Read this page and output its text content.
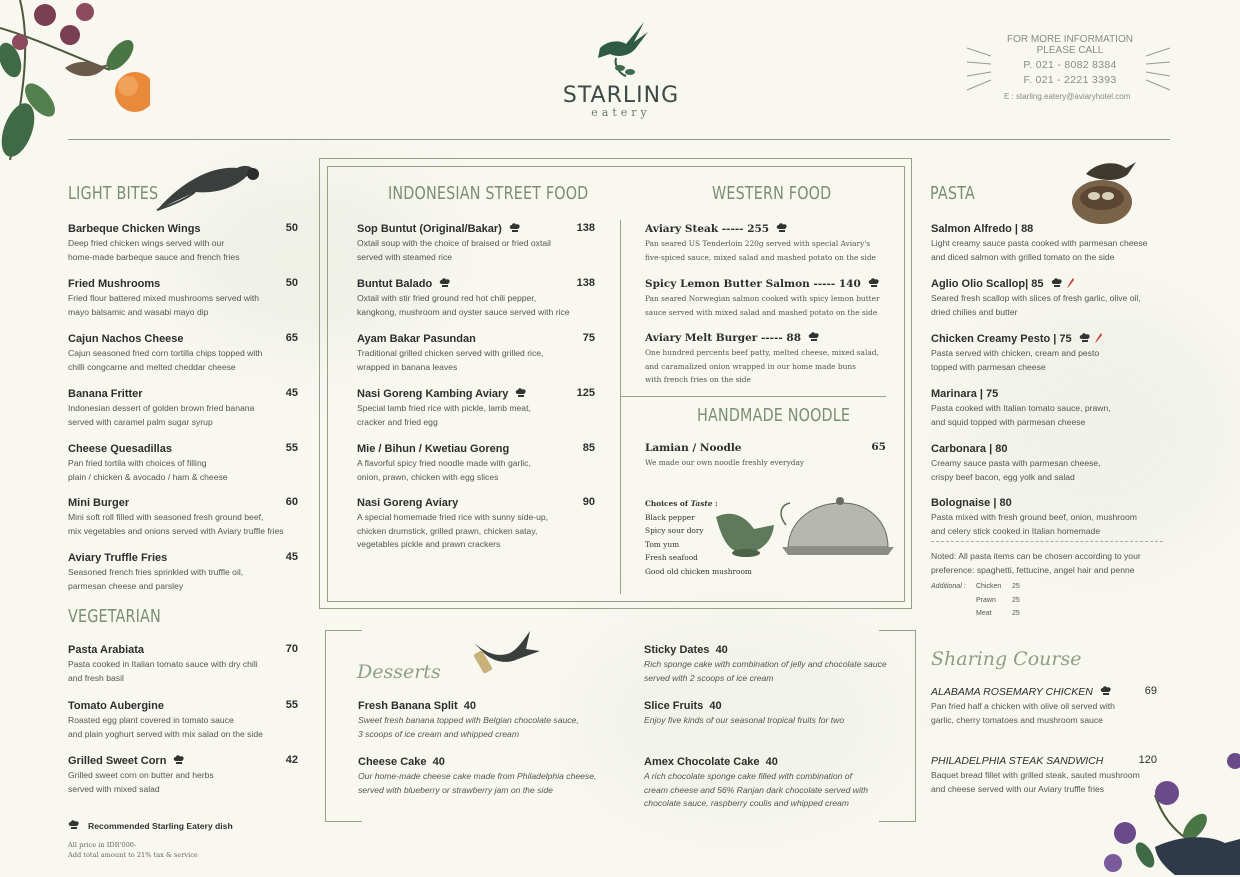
STARLING
eatery
FOR MORE INFORMATION
PLEASE CALL
P. 021 - 8082 8384
F. 021 - 2221 3393
E : starling.eatery@aviaryhotel.com
LIGHT BITES
Barbeque Chicken Wings	50
Deep fried chicken wings served with our
home-made barbeque sauce and french fries
Fried Mushrooms	50
Fried flour battered mixed mushrooms served with
mayo balsamic and wasabi mayo dip
Cajun Nachos Cheese	65
Cajun seasoned fried corn tortilla chips topped with
chilli congcarne and melted cheddar cheese
Banana Fritter	45
Indonesian dessert of golden brown fried banana
served with caramel palm sugar syrup
Cheese Quesadillas	55
Pan fried tortila with choices of filling
plain / chicken & avocado / ham & cheese
Mini Burger	60
Mini soft roll filled with seasoned fresh ground beef,
mix vegetables and onions served with Aviary truffle fries
Aviary Truffle Fries	45
Seasoned french fries sprinkled with truffle oil,
parmesan cheese and parsley
VEGETARIAN
Pasta Arabiata	70
Pasta cooked in Italian tomato sauce with dry chili
and fresh basil
Tomato Aubergine	55
Roasted egg plant covered in tomato sauce
and plain yoghurt served with mix salad on the side
Grilled Sweet Corn	42
Grilled sweet corn on butter and herbs
served with mixed salad
Recommended Starling Eatery dish
All price in IDR'000-
Add total amount to 21% tax & service
INDONESIAN STREET FOOD
Sop Buntut (Original/Bakar)	138
Oxtail soup with the choice of braised or fried oxtail
served with steamed rice
Buntut Balado	138
Oxtail with stir fried ground red hot chili pepper,
kangkong, mushroom and oyster sauce served with rice
Ayam Bakar Pasundan	75
Traditional grilled chicken served with grilled rice,
wrapped in banana leaves
Nasi Goreng Kambing Aviary	125
Special lamb fried rice with pickle, lamb meat,
cracker and fried egg
Mie / Bihun / Kwetiau Goreng	85
A flavorful spicy fried noodle made with garlic,
onion, prawn, chicken with egg slices
Nasi Goreng Aviary	90
A special homemade fried rice with sunny side-up,
chicken drumstick, grilled prawn, chicken satay,
vegetables pickle and prawn crackers
WESTERN FOOD
Aviary Steak ----- 255
Pan seared US Tenderloin 220g served with special Aviary's
five-spiced sauce, mixed salad and mashed potato on the side
Spicy Lemon Butter Salmon ----- 140
Pan seared Norwegian salmon cooked with spicy lemon butter
sauce served with mixed salad and mashed potato on the side
Aviary Melt Burger ----- 88
One hundred percents beef patty, melted cheese, mixed salad,
and caramalized onion wrapped in our home made buns
with french fries on the side
HANDMADE NOODLE
Lamian / Noodle	65
We made our own noodle freshly everyday
Choices of Taste :
Black pepper
Spicy sour dory
Tom yum
Fresh seafood
Good old chicken mushroom
PASTA
Salmon Alfredo | 88
Light creamy sauce pasta cooked with parmesan cheese
and diced salmon with grilled tomato on the side
Aglio Olio Scallop| 85
Seared fresh scallop with slices of fresh garlic, olive oil,
dried chilies and butter
Chicken Creamy Pesto | 75
Pasta served with chicken, cream and pesto
topped with parmesan cheese
Marinara | 75
Pasta cooked with Italian tomato sauce, prawn,
and squid topped with parmesan cheese
Carbonara | 80
Creamy sauce pasta with parmesan cheese,
crispy beef bacon, egg yolk and salad
Bolognaise | 80
Pasta mixed with fresh ground beef, onion, mushroom
and celery stick cooked in Italian homemade
Noted: All pasta items can be chosen according to your preference: spaghetti, fettucine, angel hair and penne
Additional :	Chicken	25
Prawn	25
Meat	25
Desserts
Fresh Banana Split 40
Sweet fresh banana topped with Belgian chocolate sauce,
3 scoops of ice cream and whipped cream
Cheese Cake 40
Our home-made cheese cake made from Philadelphia cheese,
served with blueberry or strawberry jam on the side
Sticky Dates 40
Rich sponge cake with combination of jelly and chocolate sauce
served with 2 scoops of ice cream
Slice Fruits 40
Enjoy five kinds of our seasonal tropical fruits for two
Amex Chocolate Cake 40
A rich chocolate sponge cake filled with combination of
cream cheese and 56% Ranjan dark chocolate served with
chocolate sauce, raspberry coulis and whipped cream
Sharing Course
ALABAMA ROSEMARY CHICKEN	69
Pan fried half a chicken with olive oil served with
garlic, cherry tomatoes and mushroom sauce
PHILADELPHIA STEAK SANDWICH	120
Baquet bread fillet with grilled steak, sauted mushroom
and cheese served with our Aviary truffle fries
